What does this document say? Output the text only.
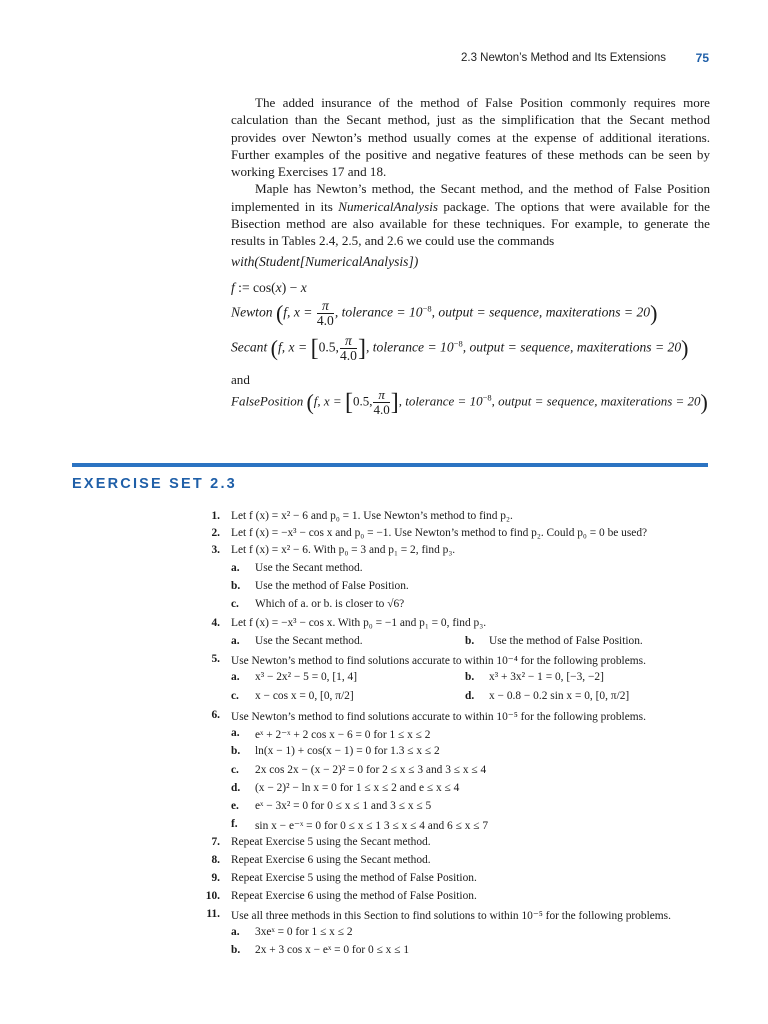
2.3 Newton’s Method and Its Extensions 75

The added insurance of the method of False Position commonly requires more calculation than the Secant method, just as the simplification that the Secant method provides over Newton’s method usually comes at the expense of additional iterations. Further examples of the positive and negative features of these methods can be seen by working Exercises 17 and 18.

Maple has Newton’s method, the Secant method, and the method of False Position implemented in its NumericalAnalysis package. The options that were available for the Bisection method are also available for these techniques. For example, to generate the results in Tables 2.4, 2.5, and 2.6 we could use the commands

with(Student[NumericalAnalysis])
f := cos(x) − x
Newton (f, $x = \frac{\pi}{4.0}$ , tolerance = $10^{-8}$, output = sequence, maxiterations = 20)
Secant (f, x = [0.5, $\frac{\pi}{4.0}$ ], tolerance = $10^{-8}$, output = sequence, maxiterations = 20)
and
FalsePosition (f, x = [0.5, $\frac{\pi}{4.0}$ ], tolerance = $10^{-8}$, output = sequence, maxiterations = 20)
EXERCISE SET 2.3
1. Let f (x) = x² − 6 and p₀ = 1. Use Newton’s method to find p₂.
2. Let f (x) = −x³ − cos x and p₀ = −1. Use Newton’s method to find p₂. Could p₀ = 0 be used?
3. Let f (x) = x² − 6. With p₀ = 3 and p₁ = 2, find p₃.
a. Use the Secant method.
b. Use the method of False Position.
c. Which of a. or b. is closer to √6?
4. Let f (x) = −x³ − cos x. With p₀ = −1 and p₁ = 0, find p₃.
a. Use the Secant method.	b. Use the method of False Position.
5. Use Newton’s method to find solutions accurate to within 10⁻⁴ for the following problems.
a. x³ − 2x² − 5 = 0, [1, 4]	b. x³ + 3x² − 1 = 0, [−3, −2]
c. x − cos x = 0, [0, π/2]	d. x − 0.8 − 0.2 sin x = 0, [0, π/2]
6. Use Newton’s method to find solutions accurate to within 10⁻⁵ for the following problems.
a. eˣ + 2⁻ˣ + 2 cos x − 6 = 0 for 1 ≤ x ≤ 2
b. ln(x − 1) + cos(x − 1) = 0 for 1.3 ≤ x ≤ 2
c. 2x cos 2x − (x − 2)² = 0 for 2 ≤ x ≤ 3 and 3 ≤ x ≤ 4
d. (x − 2)² − ln x = 0 for 1 ≤ x ≤ 2 and e ≤ x ≤ 4
e. eˣ − 3x² = 0 for 0 ≤ x ≤ 1 and 3 ≤ x ≤ 5
f. sin x − e⁻ˣ = 0 for 0 ≤ x ≤ 1 3 ≤ x ≤ 4 and 6 ≤ x ≤ 7
7. Repeat Exercise 5 using the Secant method.
8. Repeat Exercise 6 using the Secant method.
9. Repeat Exercise 5 using the method of False Position.
10. Repeat Exercise 6 using the method of False Position.
11. Use all three methods in this Section to find solutions to within 10⁻⁵ for the following problems.
a. 3xeˣ = 0 for 1 ≤ x ≤ 2
b. 2x + 3 cos x − eˣ = 0 for 0 ≤ x ≤ 1
